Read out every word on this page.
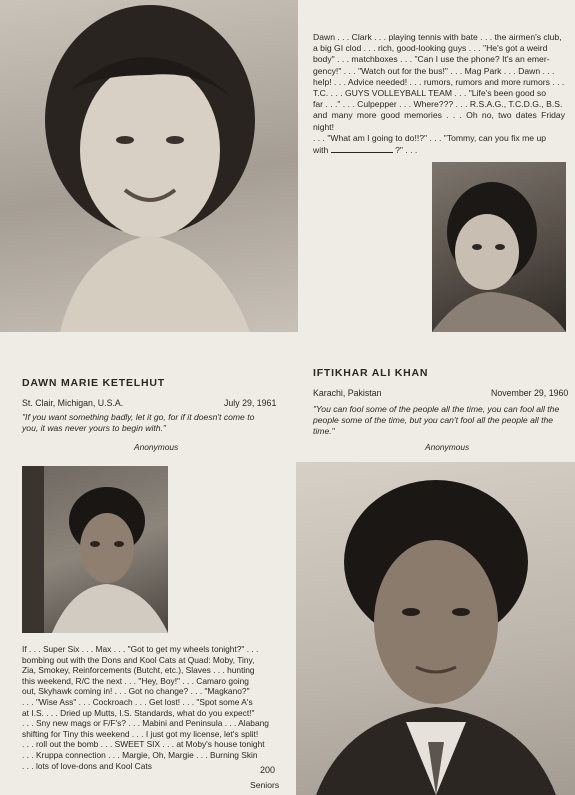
Dawn . . . Clark . . . playing tennis with bate . . . the airmen's club,
a big GI clod . . . rich, good-looking guys . . . "He's got a weird
body" . . . matchboxes . . . "Can I use the phone? It's an emer-
gency!" . . . "Watch out for the bus!" . . . Mag Park . . . Dawn . . .
help! . . . Advice needed! . . . rumors, rumors and more rumors . . .
T.C. . . . GUYS VOLLEYBALL TEAM . . . "Life's been good so
far . . ." . . . Culpepper . . . Where??? . . . R.S.A.G., T.C.D.G., B.S.
and many more good memories . . . Oh no, two dates Friday night!
. . . "What am I going to do!!?" . . . "Tommy, can you fix me up
with	?" . . .
DAWN MARIE KETELHUT
St. Clair, Michigan, U.S.A.	July 29, 1961
"If you want something badly, let it go, for if it doesn't come to
you, it was never yours to begin with."
Anonymous
IFTIKHAR ALI KHAN
Karachi, Pakistan	November 29, 1960
"You can fool some of the people all the time, you can fool all the
people some of the time, but you can't fool all the people all the
time."
Anonymous
If . . . Super Six . . . Max . . . "Got to get my wheels tonight?" . . .
bombing out with the Dons and Kool Cats at Quad: Moby, Tiny,
Zia, Smokey, Reinforcements (Butcht, etc.), Slaves . . . hunting
this weekend, R/C the next . . . "Hey, Boy!" . . . Camaro going
out, Skyhawk coming in! . . . Got no change? . . . "Magkano?"
. . . "Wise Ass" . . . Cockroach . . . Get lost! . . . "Spot some A's
at I.S. . . . Dried up Mutts, I.S. Standards, what do you expect!"
. . . Sny new mags or F/F's? . . . Mabini and Peninsula . . . Alabang
shifting for Tiny this weekend . . . I just got my license, let's split!
. . . roll out the bomb . . . SWEET SIX . . . at Moby's house tonight
. . . Kruppa connection . . . Margie, Oh, Margie . . . Burning Skin
. . . lots of love-dons and Kool Cats	200
Seniors
